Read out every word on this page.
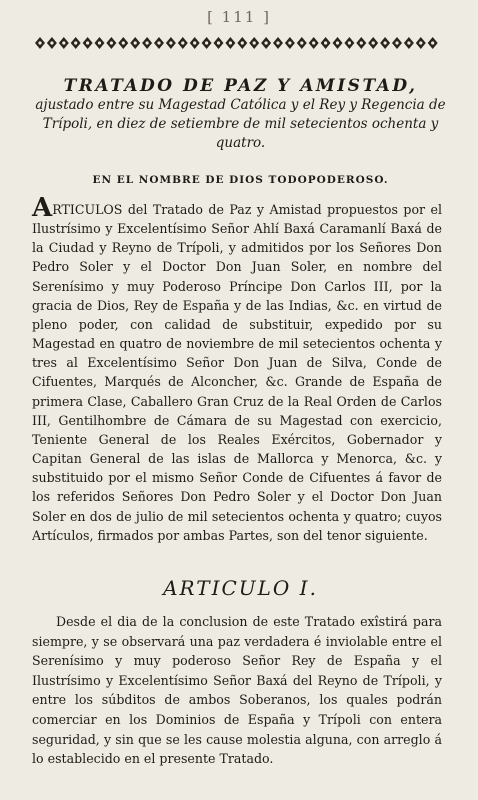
[ 111 ]
TRATADO DE PAZ Y AMISTAD,
ajustado entre su Magestad Católica y el Rey y Regencia de Trípoli, en diez de setiembre de mil setecientos ochenta y quatro.
EN EL NOMBRE DE DIOS TODOPODEROSO.
ARTICULOS del Tratado de Paz y Amistad propuestos por el Ilustrísimo y Excelentísimo Señor Ahlí Baxá Caramanlí Baxá de la Ciudad y Reyno de Trípoli, y admitidos por los Señores Don Pedro Soler y el Doctor Don Juan Soler, en nombre del Serenísimo y muy Poderoso Príncipe Don Carlos III, por la gracia de Dios, Rey de España y de las Indias, &c. en virtud de pleno poder, con calidad de substituir, expedido por su Magestad en quatro de noviembre de mil setecientos ochenta y tres al Excelentísimo Señor Don Juan de Silva, Conde de Cifuentes, Marqués de Alconcher, &c. Grande de España de primera Clase, Caballero Gran Cruz de la Real Orden de Carlos III, Gentilhombre de Cámara de su Magestad con exercicio, Teniente General de los Reales Exércitos, Gobernador y Capitan General de las islas de Mallorca y Menorca, &c. y substituido por el mismo Señor Conde de Cifuentes á favor de los referidos Señores Don Pedro Soler y el Doctor Don Juan Soler en dos de julio de mil setecientos ochenta y quatro; cuyos Artículos, firmados por ambas Partes, son del tenor siguiente.
ARTICULO I.
Desde el dia de la conclusion de este Tratado exîstirá para siempre, y se observará una paz verdadera é inviolable entre el Serenísimo y muy poderoso Señor Rey de España y el Ilustrísimo y Excelentísimo Señor Baxá del Reyno de Trípoli, y entre los súbditos de ambos Soberanos, los quales podrán comerciar en los Dominios de España y Trípoli con entera seguridad, y sin que se les cause molestia alguna, con arreglo á lo establecido en el presente Tratado.
